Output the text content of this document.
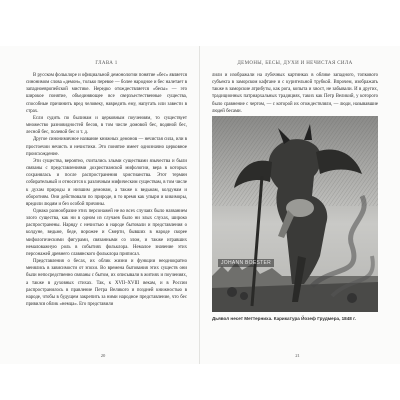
ГЛАВА 1

В русском фольклоре и официальной демонологии понятие «бес» является синонимом слова «демон», только перевое — более народное и бес налетает в западноевропейской мистике. Нередко отождествляется «бесы» — это широкое понятие, объединяющее все сверхъестественные существа, способные причинить вред человеку, навредить ему, напугать или завести в страх.

Если судить по былинам и церковным поучениям, то существует множество разновидностей бесов, в том числе домовой бес, водяной бес, лесной бес, полевой бес и т. д.

Другое синонимичное название книжных демонов — нечистая сила, или в простоечии нечисть и нечистики. Это понятие имеет однозначно церковное происхождение.

Эти существа, вероятно, считались злыми существами язычества и были связаны с представлениями дохристианской мифологии, вера в которых сохранялась и после распространения христианства. Этот термин собирательный и относится к различным мифическим существам, в том числе к духам природы и низшим демонам, а также к ведьмам, колдунам и оборотням. Они действовали по природе, в то время как упыри и кикиморы, вредили людям и без особой причины.

Однако разнообразие этих персонажей не во всех случаях было названием злого существа, как ни в одном из случаев было ни злых слухах, широко распространены. Наряду с нечистью в народе бытовали и представления о колдуне, ведьме, беде, ворожее и Смерти, бывших в народе скорее мифологическими фигурами, связанными со злом, и также игравших немаловажную роль в событиях фольклора. Немалое значение этих персонажей древнего славянского фольклора приписал.

Представления о бесах, их облик жизни и функции неоднократно менялись в зависимости от эпохи. Во времена бытования этих существ они были непосредственно связаны с бытом, их описывали в житиях и поучениях, а также в духовных стихах. Так, к XVII–XVIII векам, и в России распространилось в правление Петра Великого и поздней книжностью в народе, чтобы в будущем закрепить за ними народное представление, что бес привился облик «немца». Его представили

20
ДЕМОНЫ, БЕСЫ, ДУХИ И НЕЧИСТАЯ СИЛА

лили и изображали на лубочных картинках в облике западного, топкового субъекта в заморском кафтане и с курительной трубкой. Впрочем, изображать также в заморские атрибуты, как рога, копыта и хвост, не забывали. И в других, традиционных патриархальных традициях, таких как Петр Великий, у которого было сравнение с чертом, — с которой их отождествляли, — люди, называвшие людей бесами.

JOHANN BOESTER
Дьявол несет Меттерниха. Карикатура Йозеф Грудмера, 1848 г.
21
